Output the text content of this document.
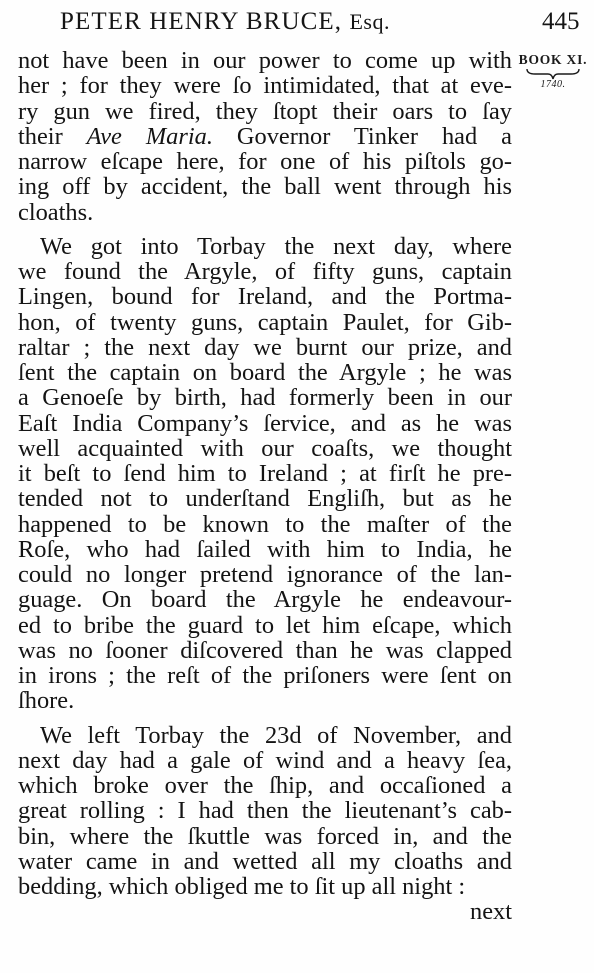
PETER HENRY BRUCE, Esq.	445
BOOK XI.
1740.
not have been in our power to come up with
her ; for they were ſo intimidated, that at eve-
ry gun we fired, they ſtopt their oars to ſay
their Ave Maria. Governor Tinker had a
narrow eſcape here, for one of his piſtols go-
ing off by accident, the ball went through his
cloaths.
We got into Torbay the next day, where
we found the Argyle, of fifty guns, captain
Lingen, bound for Ireland, and the Portma-
hon, of twenty guns, captain Paulet, for Gib-
raltar ; the next day we burnt our prize, and
ſent the captain on board the Argyle ; he was
a Genoeſe by birth, had formerly been in our
Eaſt India Company’s ſervice, and as he was
well acquainted with our coaſts, we thought
it beſt to ſend him to Ireland ; at firſt he pre-
tended not to underſtand Engliſh, but as he
happened to be known to the maſter of the
Roſe, who had ſailed with him to India, he
could no longer pretend ignorance of the lan-
guage. On board the Argyle he endeavour-
ed to bribe the guard to let him eſcape, which
was no ſooner diſcovered than he was clapped
in irons ; the reſt of the priſoners were ſent on
ſhore.
We left Torbay the 23d of November, and
next day had a gale of wind and a heavy ſea,
which broke over the ſhip, and occaſioned a
great rolling : I had then the lieutenant’s cab-
bin, where the ſkuttle was forced in, and the
water came in and wetted all my cloaths and
bedding, which obliged me to ſit up all night :
next
